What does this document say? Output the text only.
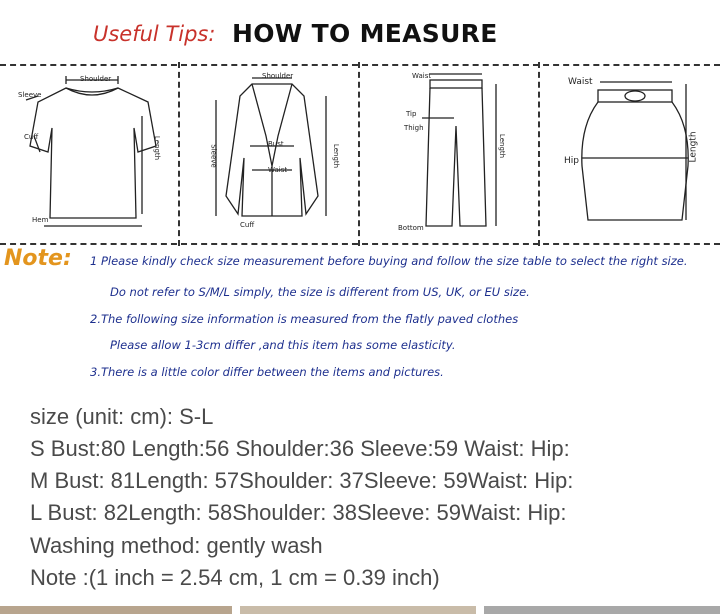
Useful Tips: HOW TO MEASURE
Shoulder
Sleeve
Cuff	Length
Hem
Shoulder
Bust
Waist
Sleeve	Length
Cuff
Waist
Tip
Thigh
Length
Bottom
Waist
Hip	Length
Note: 1 Please kindly check size measurement before buying and follow the size table to select the right size.
Do not refer to S/M/L simply, the size is different from US, UK, or EU size.
2.The following size information is measured from the flatly paved clothes
Please allow 1-3cm differ ,and this item has some elasticity.
3.There is a little color differ between the items and pictures.
size (unit: cm): S-L
S Bust:80 Length:56 Shoulder:36 Sleeve:59 Waist: Hip:
M Bust: 81Length: 57Shoulder: 37Sleeve: 59Waist: Hip:
L Bust: 82Length: 58Shoulder: 38Sleeve: 59Waist: Hip:
Washing method: gently wash
Note :(1 inch = 2.54 cm, 1 cm = 0.39 inch)
